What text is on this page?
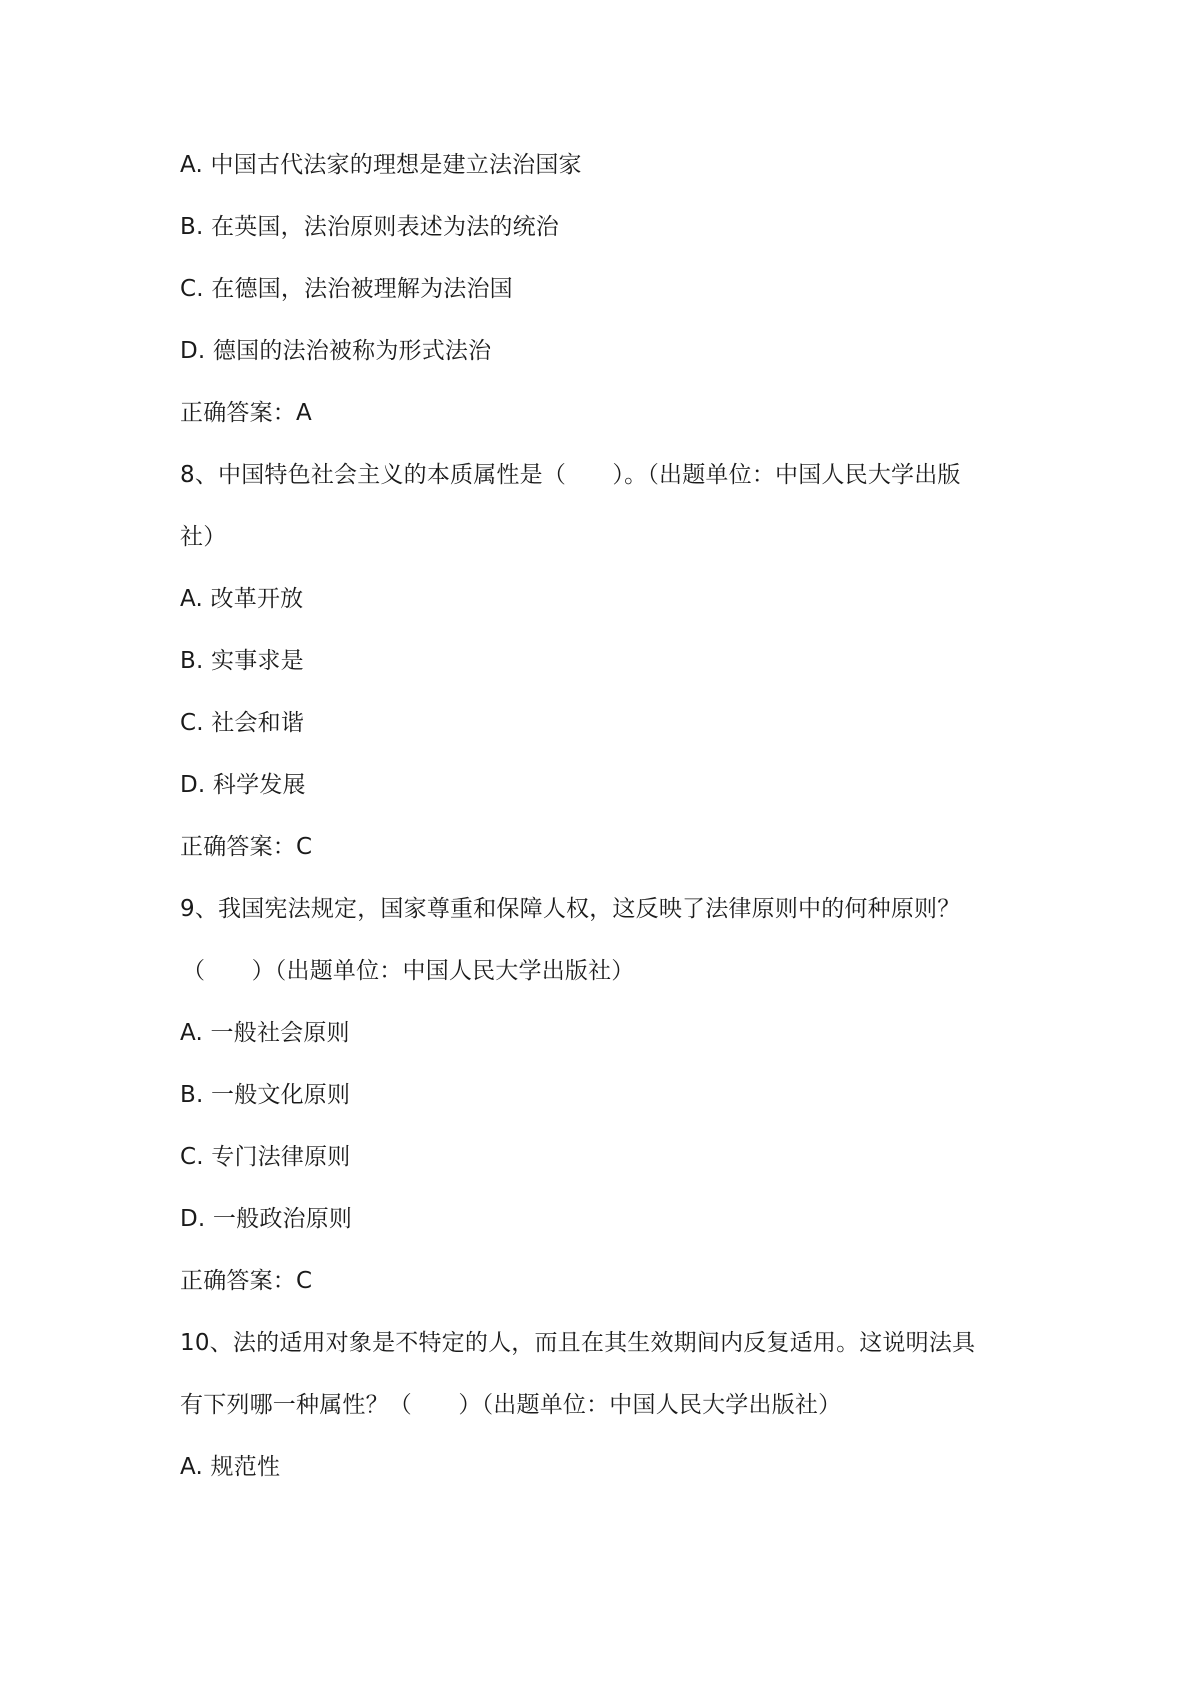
A. 中国古代法家的理想是建立法治国家
B. 在英国，法治原则表述为法的统治
C. 在德国，法治被理解为法治国
D. 德国的法治被称为形式法治
正确答案：A
8、中国特色社会主义的本质属性是（　　）。（出题单位：中国人民大学出版
社）
A. 改革开放
B. 实事求是
C. 社会和谐
D. 科学发展
正确答案：C
9、我国宪法规定，国家尊重和保障人权，这反映了法律原则中的何种原则？
（　　）（出题单位：中国人民大学出版社）
A. 一般社会原则
B. 一般文化原则
C. 专门法律原则
D. 一般政治原则
正确答案：C
10、法的适用对象是不特定的人，而且在其生效期间内反复适用。这说明法具
有下列哪一种属性？（　　）（出题单位：中国人民大学出版社）
A. 规范性
